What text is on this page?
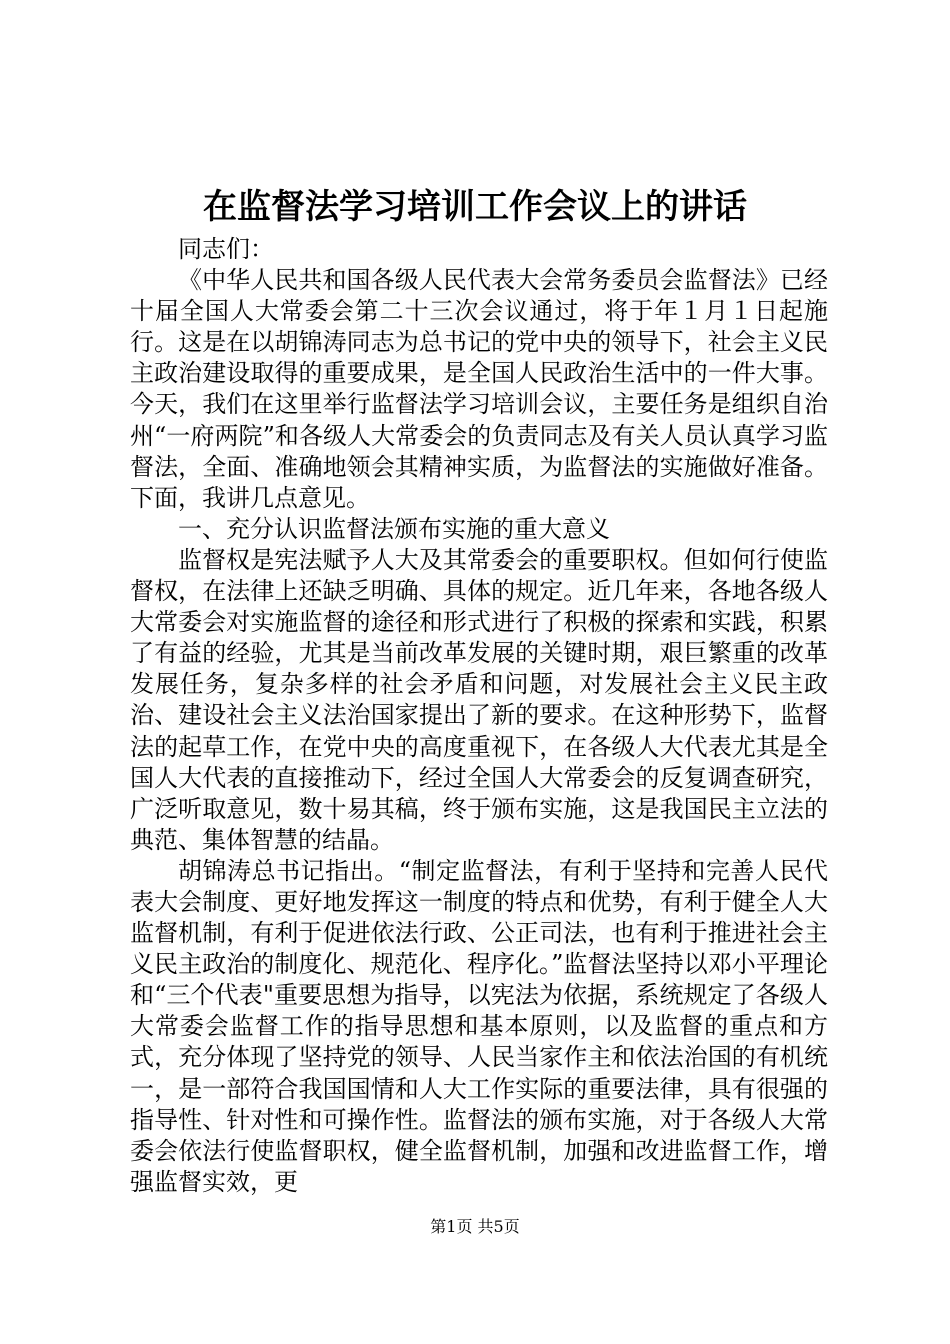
在监督法学习培训工作会议上的讲话

同志们：

《中华人民共和国各级人民代表大会常务委员会监督法》已经十届全国人大常委会第二十三次会议通过，将于年１月１日起施行。这是在以胡锦涛同志为总书记的党中央的领导下，社会主义民主政治建设取得的重要成果，是全国人民政治生活中的一件大事。今天，我们在这里举行监督法学习培训会议，主要任务是组织自治州“一府两院”和各级人大常委会的负责同志及有关人员认真学习监督法，全面、准确地领会其精神实质，为监督法的实施做好准备。下面，我讲几点意见。

一、充分认识监督法颁布实施的重大意义

监督权是宪法赋予人大及其常委会的重要职权。但如何行使监督权，在法律上还缺乏明确、具体的规定。近几年来，各地各级人大常委会对实施监督的途径和形式进行了积极的探索和实践，积累了有益的经验，尤其是当前改革发展的关键时期，艰巨繁重的改革发展任务，复杂多样的社会矛盾和问题，对发展社会主义民主政治、建设社会主义法治国家提出了新的要求。在这种形势下，监督法的起草工作，在党中央的高度重视下，在各级人大代表尤其是全国人大代表的直接推动下，经过全国人大常委会的反复调查研究，广泛听取意见，数十易其稿，终于颁布实施，这是我国民主立法的典范、集体智慧的结晶。

胡锦涛总书记指出。“制定监督法，有利于坚持和完善人民代表大会制度、更好地发挥这一制度的特点和优势，有利于健全人大监督机制，有利于促进依法行政、公正司法，也有利于推进社会主义民主政治的制度化、规范化、程序化。”监督法坚持以邓小平理论和“三个代表"重要思想为指导，以宪法为依据，系统规定了各级人大常委会监督工作的指导思想和基本原则，以及监督的重点和方式，充分体现了坚持党的领导、人民当家作主和依法治国的有机统一，是一部符合我国国情和人大工作实际的重要法律，具有很强的指导性、针对性和可操作性。监督法的颁布实施，对于各级人大常委会依法行使监督职权，健全监督机制，加强和改进监督工作，增强监督实效，更

第1页 共5页
